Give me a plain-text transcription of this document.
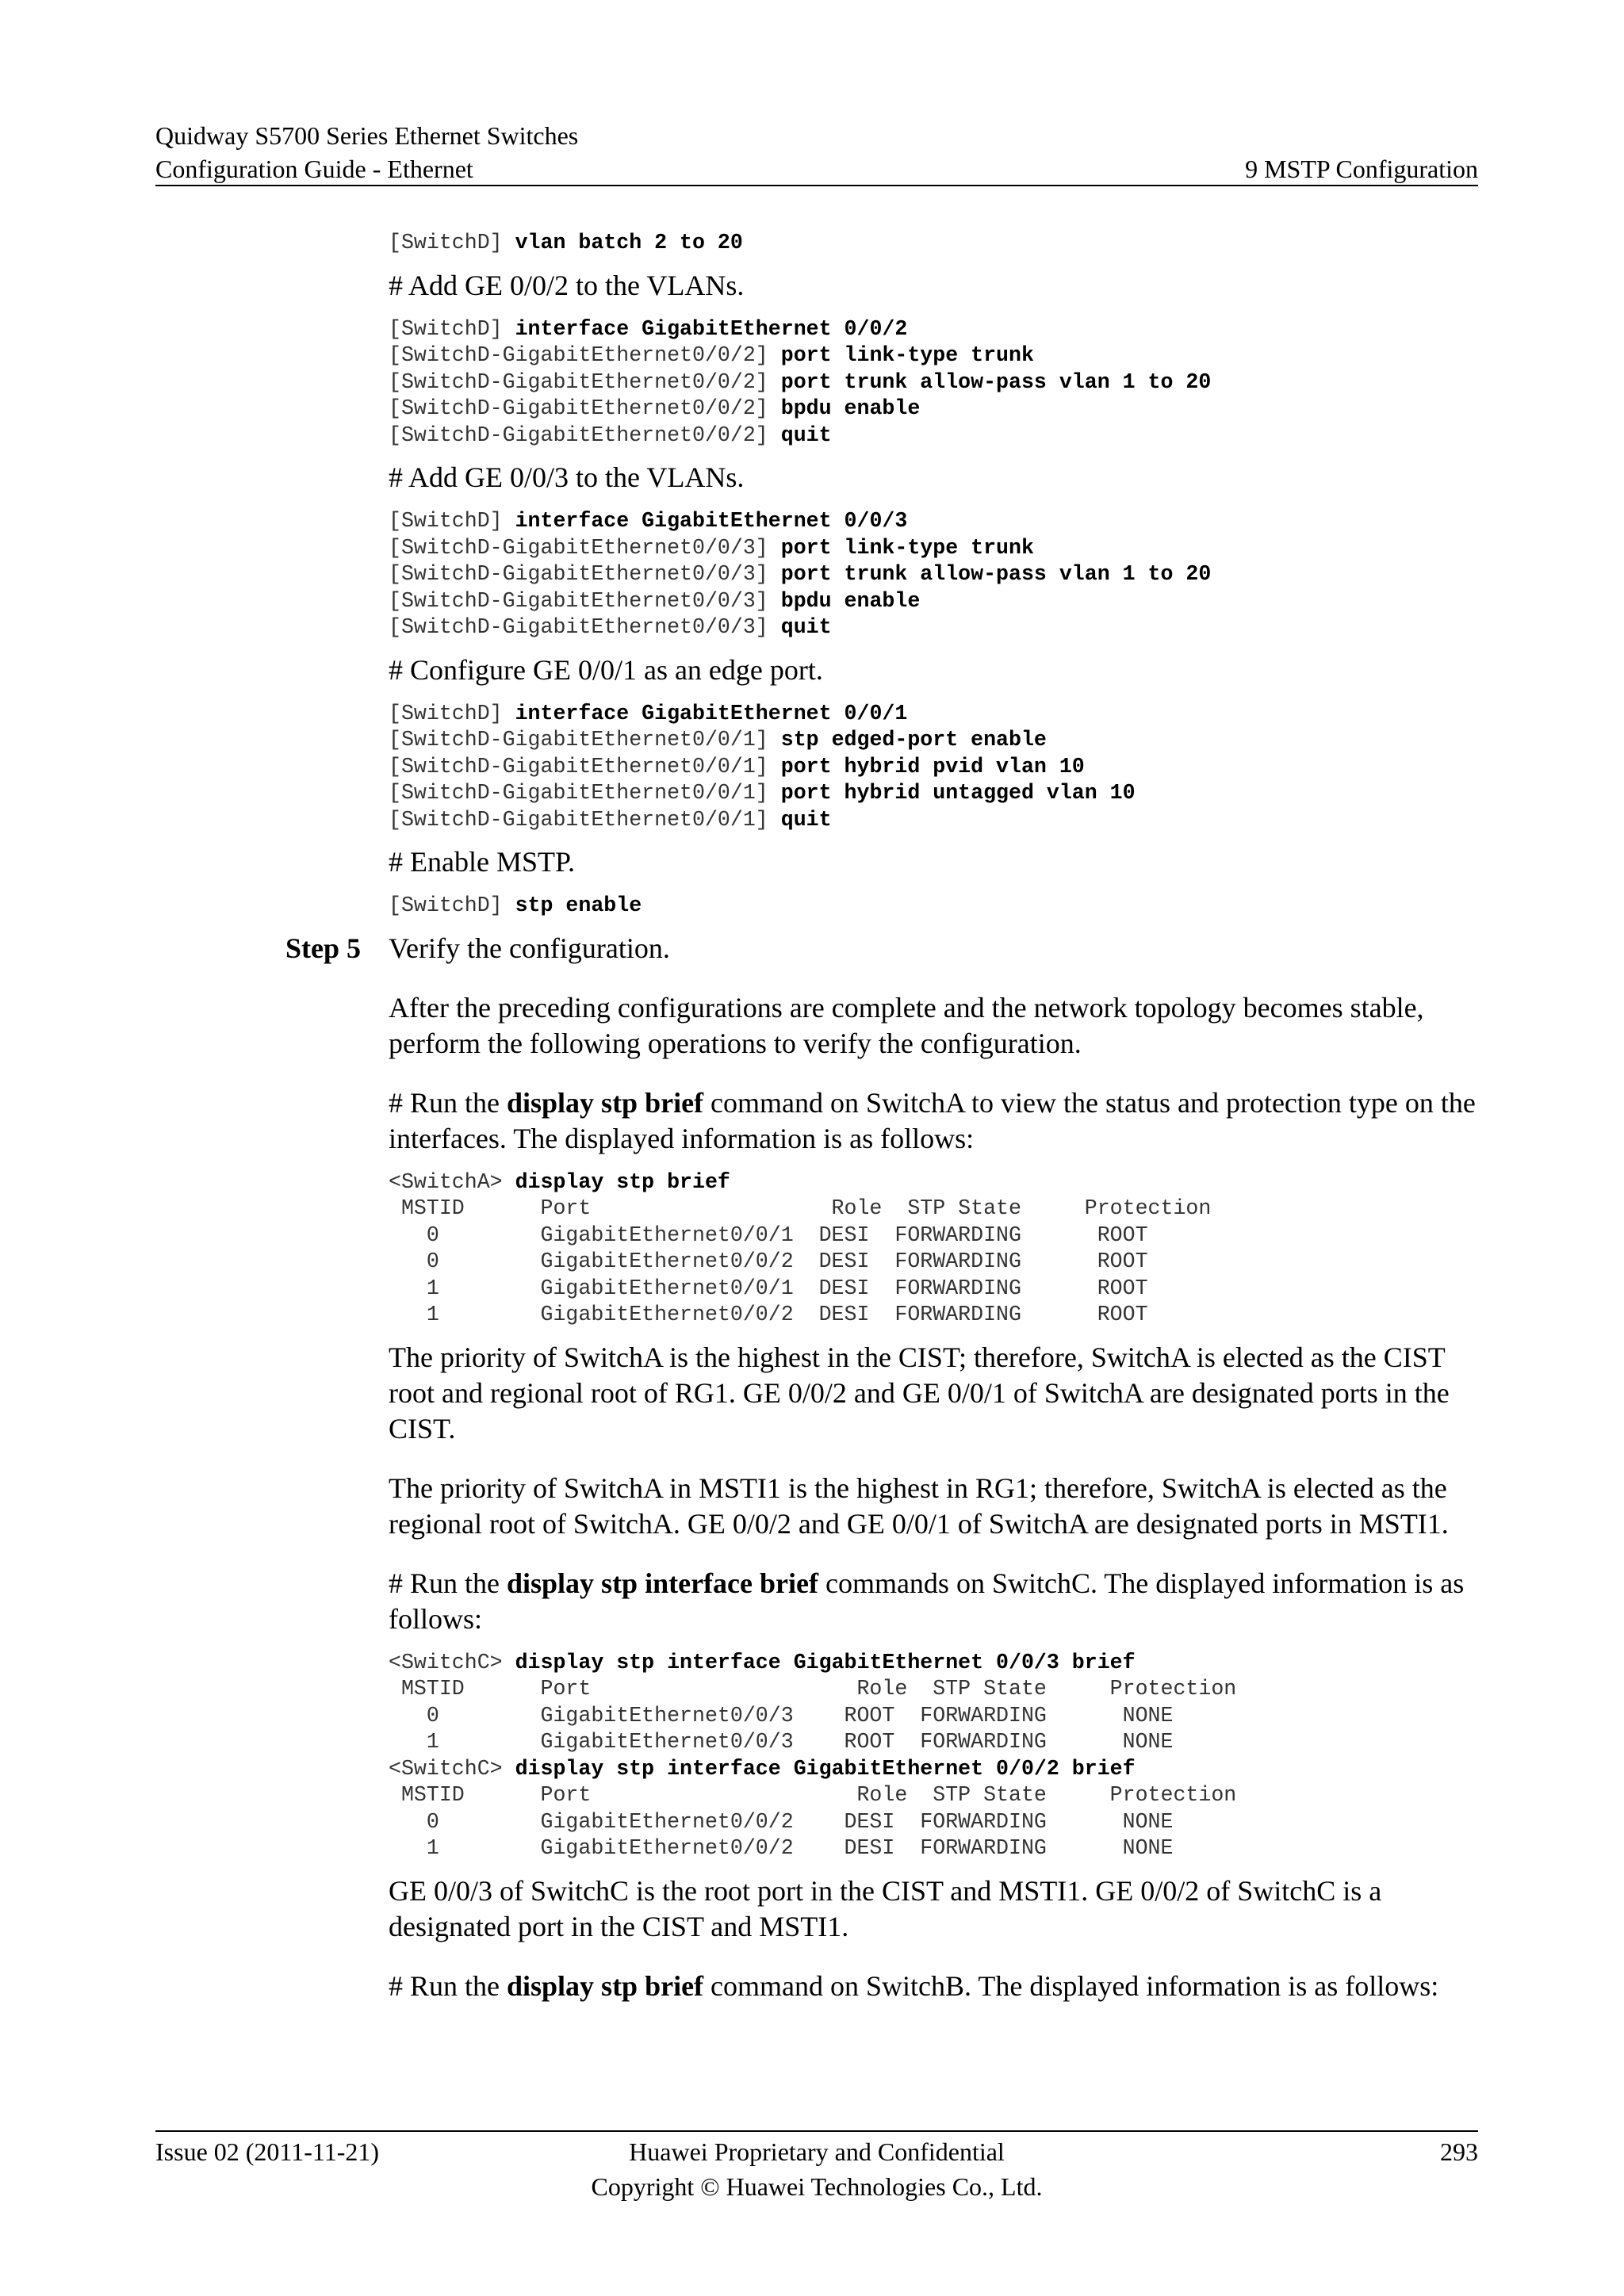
Quidway S5700 Series Ethernet Switches
Configuration Guide - Ethernet	9 MSTP Configuration
[SwitchD] vlan batch 2 to 20

# Add GE 0/0/2 to the VLANs.

[SwitchD] interface GigabitEthernet 0/0/2
[SwitchD-GigabitEthernet0/0/2] port link-type trunk
[SwitchD-GigabitEthernet0/0/2] port trunk allow-pass vlan 1 to 20
[SwitchD-GigabitEthernet0/0/2] bpdu enable
[SwitchD-GigabitEthernet0/0/2] quit

# Add GE 0/0/3 to the VLANs.

[SwitchD] interface GigabitEthernet 0/0/3
[SwitchD-GigabitEthernet0/0/3] port link-type trunk
[SwitchD-GigabitEthernet0/0/3] port trunk allow-pass vlan 1 to 20
[SwitchD-GigabitEthernet0/0/3] bpdu enable
[SwitchD-GigabitEthernet0/0/3] quit

# Configure GE 0/0/1 as an edge port.

[SwitchD] interface GigabitEthernet 0/0/1
[SwitchD-GigabitEthernet0/0/1] stp edged-port enable
[SwitchD-GigabitEthernet0/0/1] port hybrid pvid vlan 10
[SwitchD-GigabitEthernet0/0/1] port hybrid untagged vlan 10
[SwitchD-GigabitEthernet0/0/1] quit

# Enable MSTP.

[SwitchD] stp enable
Step 5 Verify the configuration.

After the preceding configurations are complete and the network topology becomes stable, perform the following operations to verify the configuration.

# Run the display stp brief command on SwitchA to view the status and protection type on the interfaces. The displayed information is as follows:

<SwitchA> display stp brief
MSTID      Port                   Role  STP State     Protection
0        GigabitEthernet0/0/1  DESI  FORWARDING      ROOT
0        GigabitEthernet0/0/2  DESI  FORWARDING      ROOT
1        GigabitEthernet0/0/1  DESI  FORWARDING      ROOT
1        GigabitEthernet0/0/2  DESI  FORWARDING      ROOT

The priority of SwitchA is the highest in the CIST; therefore, SwitchA is elected as the CIST root and regional root of RG1. GE 0/0/2 and GE 0/0/1 of SwitchA are designated ports in the CIST.

The priority of SwitchA in MSTI1 is the highest in RG1; therefore, SwitchA is elected as the regional root of SwitchA. GE 0/0/2 and GE 0/0/1 of SwitchA are designated ports in MSTI1.

# Run the display stp interface brief commands on SwitchC. The displayed information is as follows:

<SwitchC> display stp interface GigabitEthernet 0/0/3 brief
MSTID      Port                     Role  STP State     Protection
0        GigabitEthernet0/0/3    ROOT  FORWARDING      NONE
1        GigabitEthernet0/0/3    ROOT  FORWARDING      NONE
<SwitchC> display stp interface GigabitEthernet 0/0/2 brief
MSTID      Port                     Role  STP State     Protection
0        GigabitEthernet0/0/2    DESI  FORWARDING      NONE
1        GigabitEthernet0/0/2    DESI  FORWARDING      NONE

GE 0/0/3 of SwitchC is the root port in the CIST and MSTI1. GE 0/0/2 of SwitchC is a designated port in the CIST and MSTI1.

# Run the display stp brief command on SwitchB. The displayed information is as follows:

Issue 02 (2011-11-21)	Huawei Proprietary and Confidential
Copyright © Huawei Technologies Co., Ltd.
293
